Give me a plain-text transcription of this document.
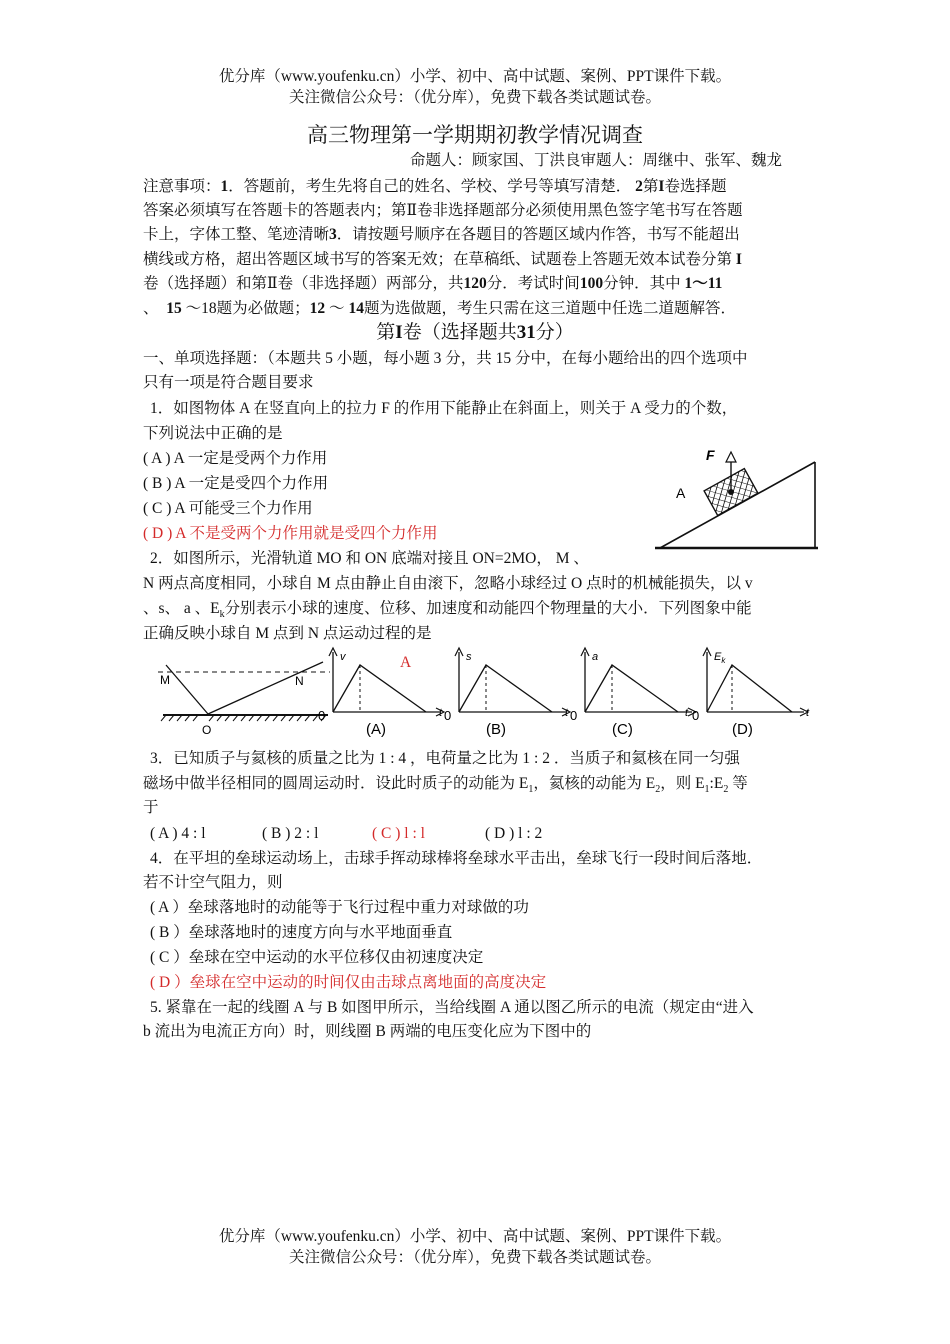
优分库（www.youfenku.cn）小学、初中、高中试题、案例、PPT课件下载。
关注微信公众号：（优分库），免费下载各类试题试卷。
高三物理第一学期期初教学情况调查
命题人：顾家国、丁洪良审题人：周继中、张军、魏龙
注意事项：1．答题前，考生先将自己的姓名、学校、学号等填写清楚． 2第I卷选择题
答案必须填写在答题卡的答题表内；第Ⅱ卷非选择题部分必须使用黑色签字笔书写在答题
卡上，字体工整、笔迹清晰3．请按题号顺序在各题目的答题区域内作答，书写不能超出
横线或方格，超出答题区域书写的答案无效；在草稿纸、试题卷上答题无效本试卷分第 I
卷（选择题）和第Ⅱ卷（非选择题）两部分，共120分．考试时间100分钟．其中 1～11
、 15 ～18题为必做题；12 ～ 14题为选做题，考生只需在这三道题中任选二道题解答．
第I卷（选择题共31分）
一、单项选择题：（本题共 5 小题，每小题 3 分，共 15 分中，在每小题给出的四个选项中
只有一项是符合题目要求
1．如图物体 A 在竖直向上的拉力 F 的作用下能静止在斜面上，则关于 A 受力的个数，
下列说法中正确的是
( A ) A 一定是受两个力作用
( B ) A 一定是受四个力作用
( C ) A 可能受三个力作用
( D ) A 不是受两个力作用就是受四个力作用
F
A
2．如图所示，光滑轨道 MO 和 ON 底端对接且 ON=2MO， M 、
N 两点高度相同，小球自 M 点由静止自由滚下，忽略小球经过 O 点时的机械能损失，以 v
、s、 a 、$E_k$分别表示小球的速度、位移、加速度和动能四个物理量的大小．下列图象中能
正确反映小球自 M 点到 N 点运动过程的是
M	N
O
A
v
0	t
(A)
s
0	t
(B)
a
0	t
(C)
$E_k$
0	t
(D)
3．已知质子与氦核的质量之比为 1 : 4 ，电荷量之比为 1 : 2 ．当质子和氦核在同一匀强
磁场中做半径相同的圆周运动时．设此时质子的动能为 $E_1$，氦核的动能为 $E_2$，则 $E_1:E_2$ 等
于
( A ) 4 : l	( B ) 2 : l	( C ) l : l	( D ) l : 2
4．在平坦的垒球运动场上，击球手挥动球棒将垒球水平击出，垒球飞行一段时间后落地．
若不计空气阻力，则
( A ）垒球落地时的动能等于飞行过程中重力对球做的功
( B ）垒球落地时的速度方向与水平地面垂直
( C ）垒球在空中运动的水平位移仅由初速度决定
( D ）垒球在空中运动的时间仅由击球点离地面的高度决定
5. 紧靠在一起的线圈 A 与 B 如图甲所示，当给线圈 A 通以图乙所示的电流（规定由“进入
b 流出为电流正方向）时，则线圈 B 两端的电压变化应为下图中的
优分库（www.youfenku.cn）小学、初中、高中试题、案例、PPT课件下载。
关注微信公众号：（优分库），免费下载各类试题试卷。
